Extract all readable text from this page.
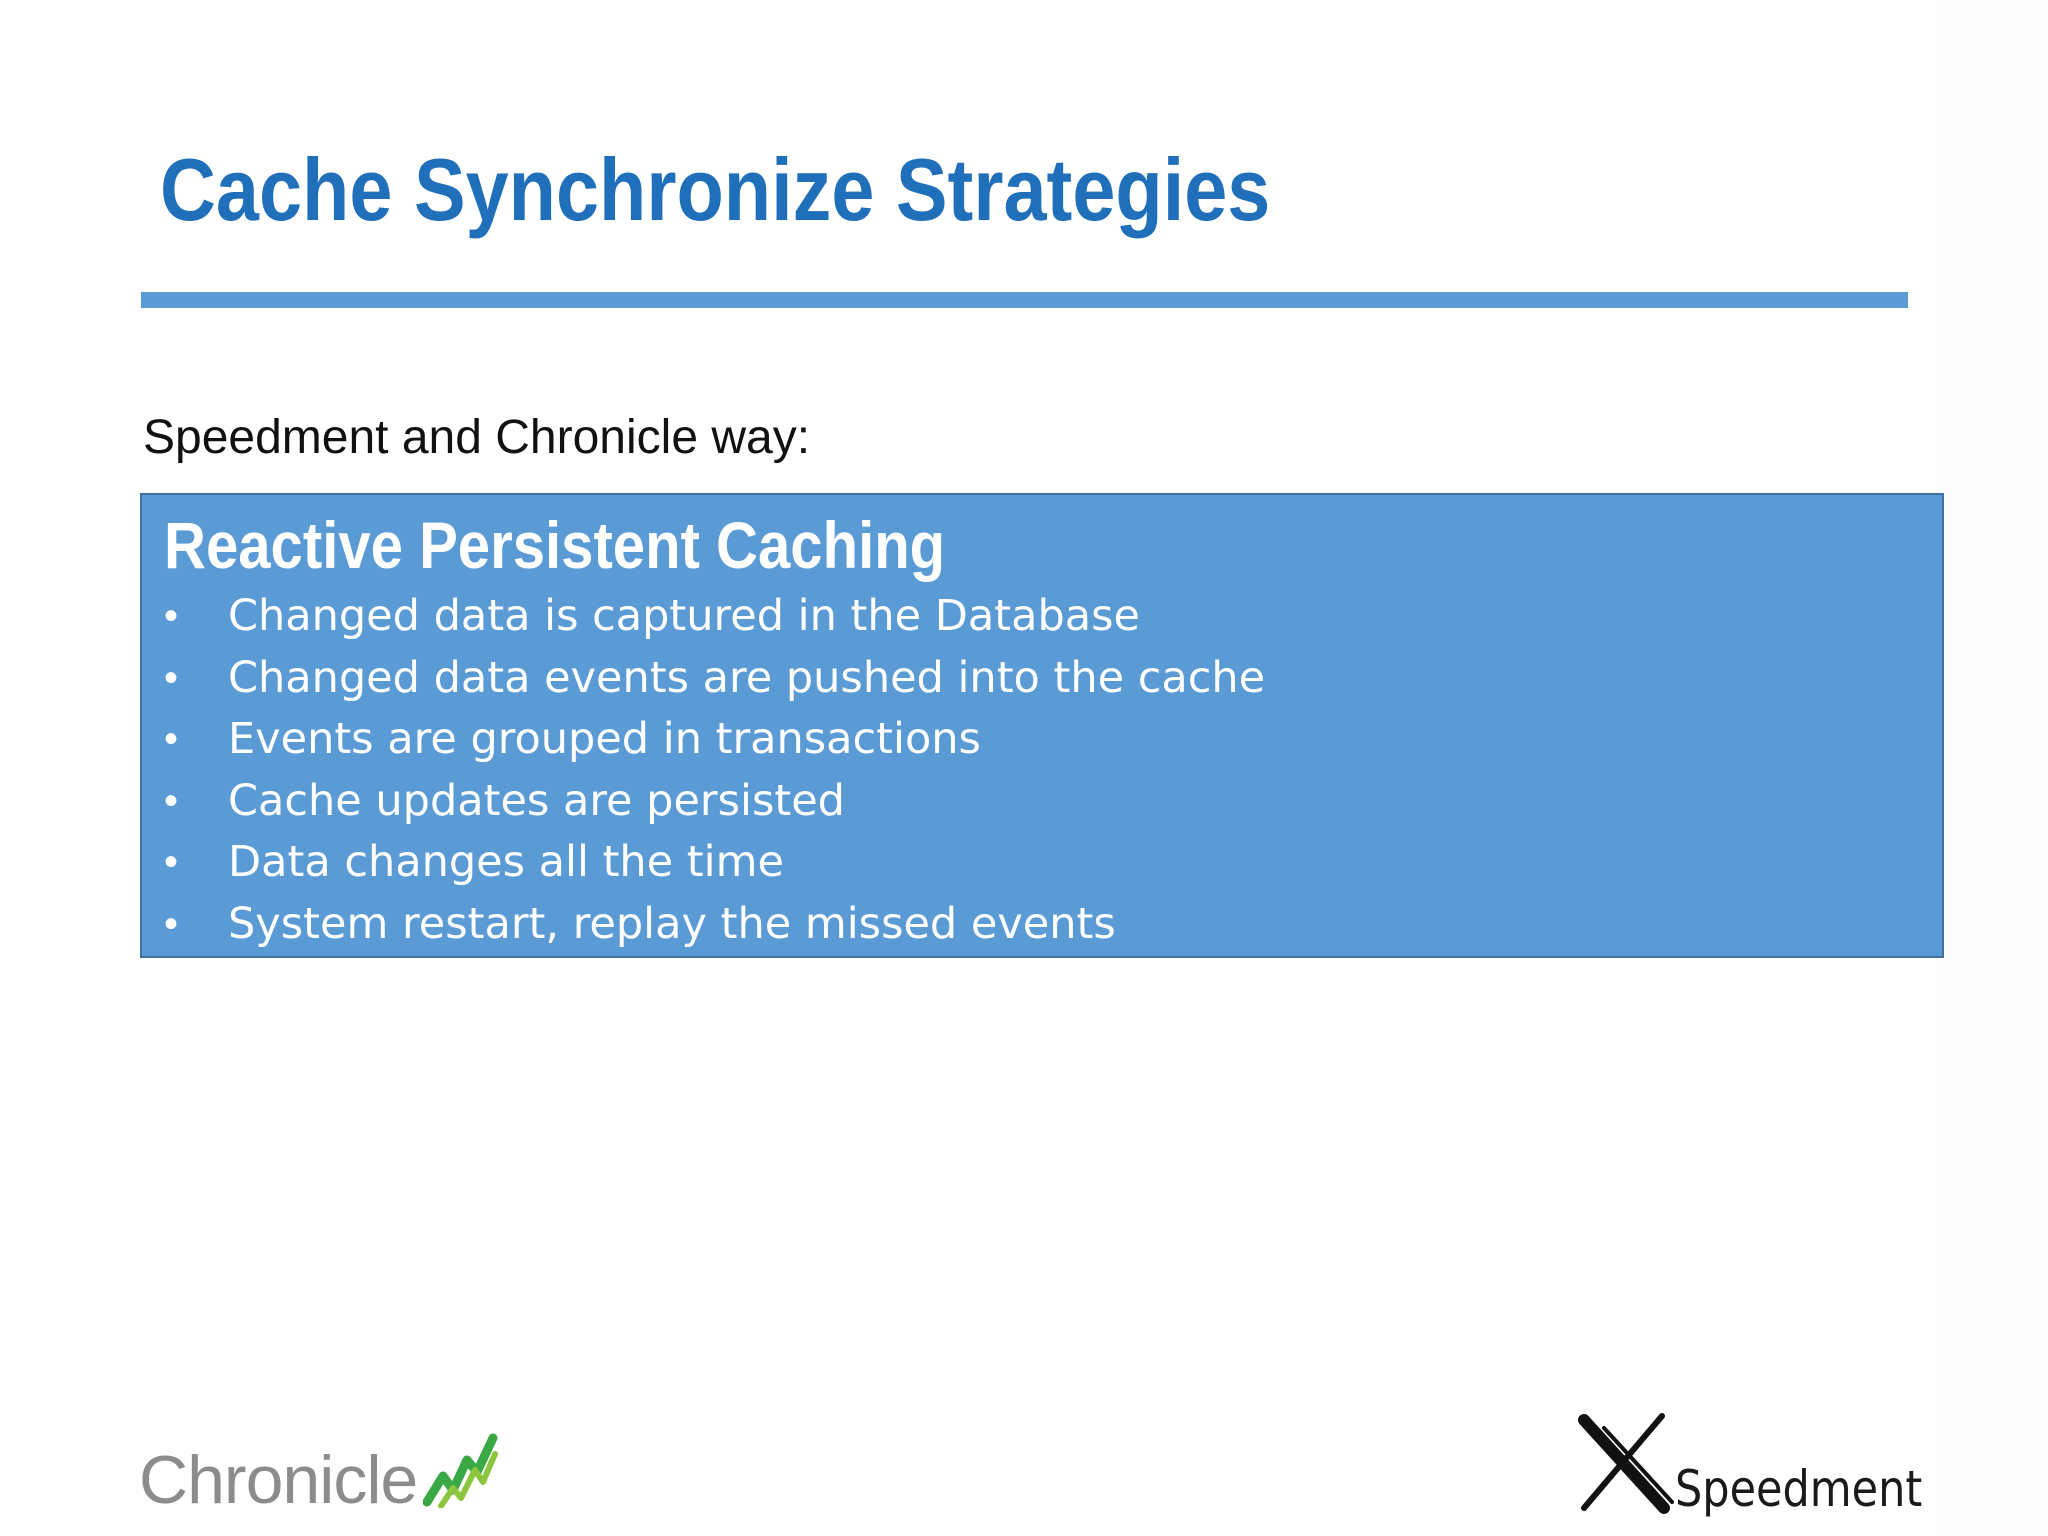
Cache Synchronize Strategies
Speedment and Chronicle way:
Reactive Persistent Caching
• Changed data is captured in the Database
• Changed data events are pushed into the cache
• Events are grouped in transactions
• Cache updates are persisted
• Data changes all the time
• System restart, replay the missed events
Chronicle	Speedment
